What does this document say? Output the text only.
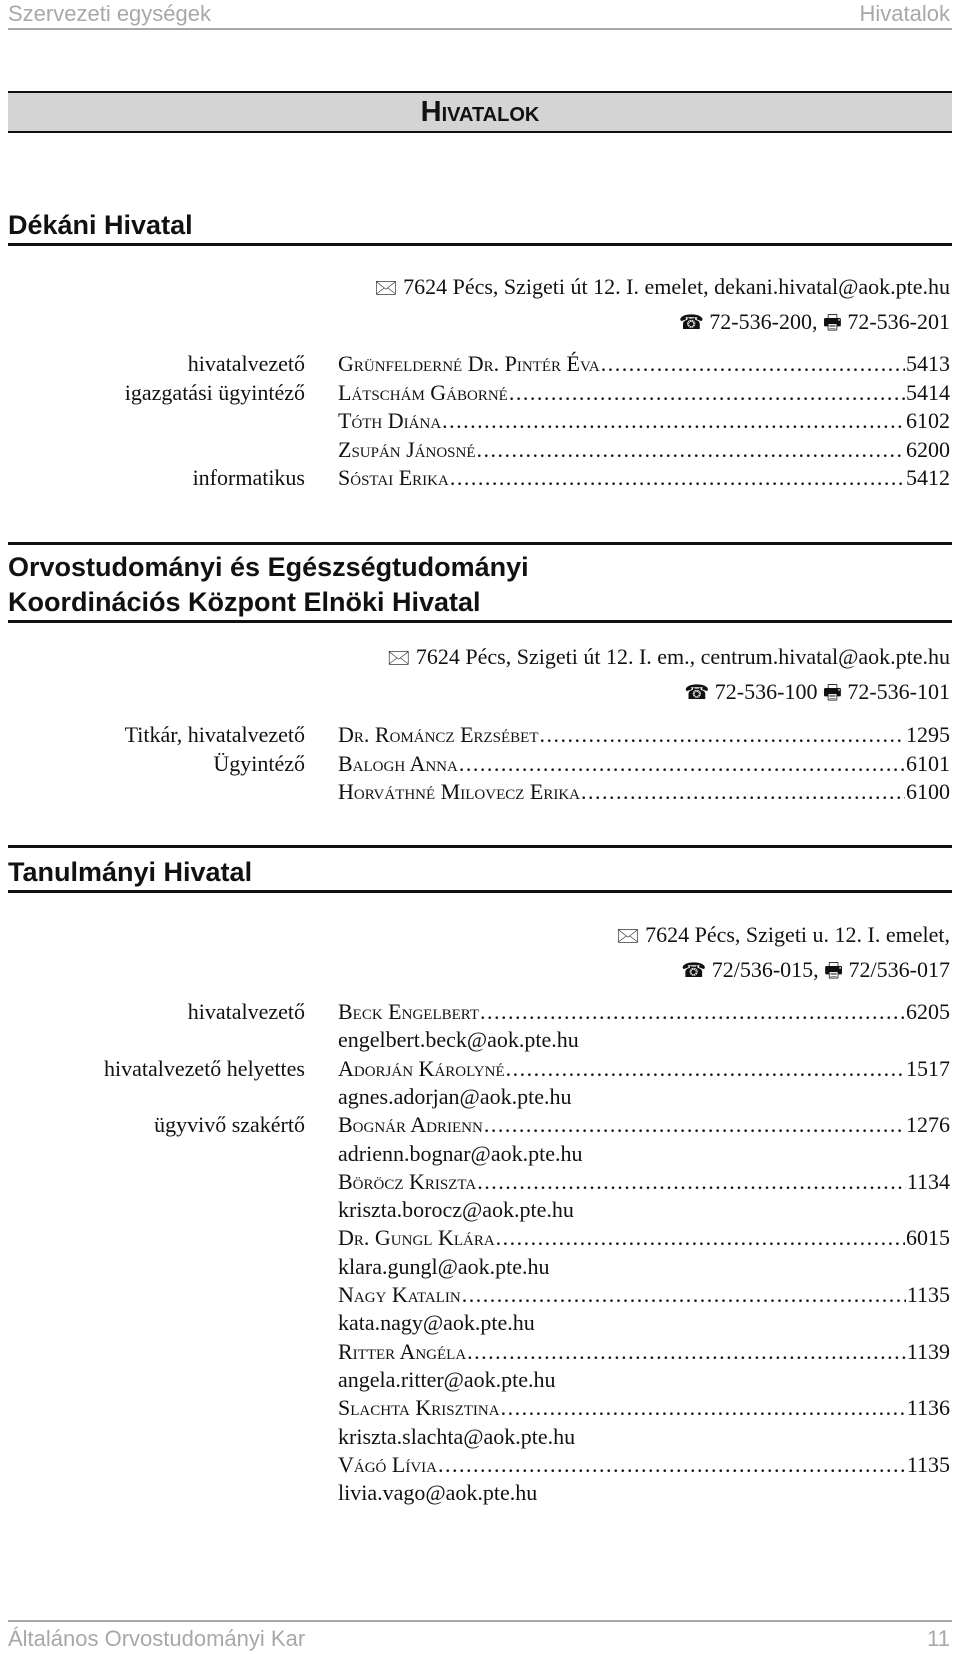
Szervezeti egységek	Hivatalok
Hivatalok
Dékáni Hivatal
🖂 7624 Pécs, Szigeti út 12. I. emelet, dekani.hivatal@aok.pte.hu
☎ 72-536-200, 🖶 72-536-201
hivatalvezető Grünfelderné Dr. Pintér Éva . . .	5413
igazgatási ügyintéző Látschám Gáborné . . .	5414
Tóth Diána . . .	6102
Zsupán Jánosné . . .	6200
informatikus Sóstai Erika . . .	5412
Orvostudományi és Egészségtudományi
Koordinációs Központ Elnöki Hivatal
🖂 7624 Pécs, Szigeti út 12. I. em., centrum.hivatal@aok.pte.hu
☎ 72-536-100 🖶 72-536-101
Titkár, hivatalvezető Dr. Románcz Erzsébet . . .	1295
Ügyintéző Balogh Anna . . .	6101
Horváthné Milovecz Erika . . .	6100
Tanulmányi Hivatal
🖂 7624 Pécs, Szigeti u. 12. I. emelet,
☎ 72/536-015, 🖶 72/536-017
hivatalvezető Beck Engelbert . . .	6205
engelbert.beck@aok.pte.hu
hivatalvezető helyettes Adorján Károlyné . . .	1517
agnes.adorjan@aok.pte.hu
ügyvivő szakértő Bognár Adrienn . . .	1276
adrienn.bognar@aok.pte.hu
Böröcz Kriszta . . .	1134
kriszta.borocz@aok.pte.hu
Dr. Gungl Klára . . .	6015
klara.gungl@aok.pte.hu
Nagy Katalin . . .	1135
kata.nagy@aok.pte.hu
Ritter Angéla . . .	1139
angela.ritter@aok.pte.hu
Slachta Krisztina . . .	1136
kriszta.slachta@aok.pte.hu
Vágó Lívia . . .	1135
livia.vago@aok.pte.hu
Általános Orvostudományi Kar	11
